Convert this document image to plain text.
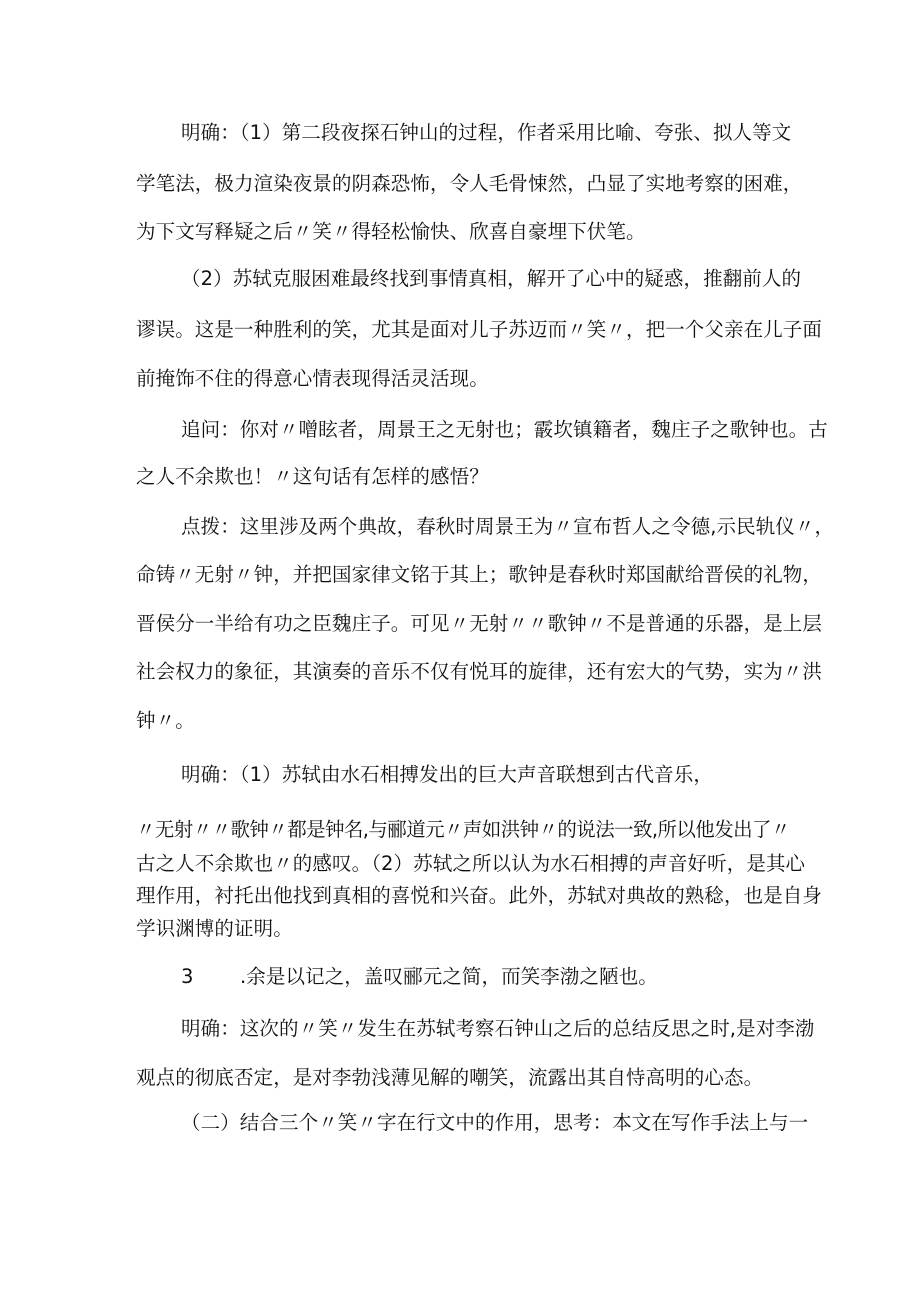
明确：（1）第二段夜探石钟山的过程，作者采用比喻、夸张、拟人等文
学笔法，极力渲染夜景的阴森恐怖，令人毛骨悚然，凸显了实地考察的困难，
为下文写释疑之后〃笑〃得轻松愉快、欣喜自豪埋下伏笔。
（2）苏轼克服困难最终找到事情真相，解开了心中的疑惑，推翻前人的
谬误。这是一种胜利的笑，尤其是面对儿子苏迈而〃笑〃，把一个父亲在儿子面
前掩饰不住的得意心情表现得活灵活现。
追问：你对〃噌眩者，周景王之无射也；霰坎镇籍者，魏庄子之歌钟也。古
之人不余欺也！〃这句话有怎样的感悟？
点拨：这里涉及两个典故，春秋时周景王为〃宣布哲人之令德,示民轨仪〃，
命铸〃无射〃钟，并把国家律文铭于其上；歌钟是春秋时郑国献给晋侯的礼物，
晋侯分一半给有功之臣魏庄子。可见〃无射〃〃歌钟〃不是普通的乐器，是上层
社会权力的象征，其演奏的音乐不仅有悦耳的旋律，还有宏大的气势，实为〃洪
钟〃。
明确：（1）苏轼由水石相搏发出的巨大声音联想到古代音乐，
〃无射〃〃歌钟〃都是钟名,与郦道元〃声如洪钟〃的说法一致,所以他发出了〃
古之人不余欺也〃的感叹。（2）苏轼之所以认为水石相搏的声音好听，是其心
理作用，衬托出他找到真相的喜悦和兴奋。此外，苏轼对典故的熟稔，也是自身
学识渊博的证明。
3 .余是以记之，盖叹郦元之简，而笑李渤之陋也。
明确：这次的〃笑〃发生在苏轼考察石钟山之后的总结反思之时,是对李渤
观点的彻底否定，是对李勃浅薄见解的嘲笑，流露出其自恃高明的心态。
（二）结合三个〃笑〃字在行文中的作用，思考：本文在写作手法上与一
